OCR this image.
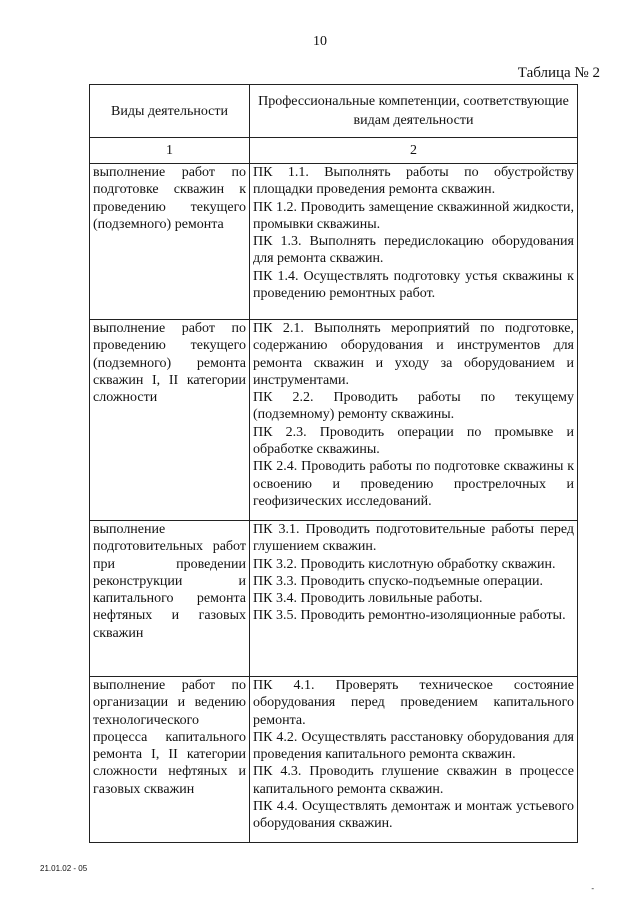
10
Таблица № 2
Виды деятельности	Профессиональные компетенции, соответствующие видам деятельности
1	2
выполнение работ по подготовке скважин к проведению текущего (подземного) ремонта	ПК 1.1. Выполнять работы по обустройству площадки проведения ремонта скважин.
ПК 1.2. Проводить замещение скважинной жидкости, промывки скважины.
ПК 1.3. Выполнять передислокацию оборудования для ремонта скважин.
ПК 1.4. Осуществлять подготовку устья скважины к проведению ремонтных работ.

выполнение работ по проведению текущего (подземного) ремонта скважин I, II категории сложности	ПК 2.1. Выполнять мероприятий по подготовке, содержанию оборудования и инструментов для ремонта скважин и уходу за оборудованием и инструментами.
ПК 2.2. Проводить работы по текущему (подземному) ремонту скважины.
ПК 2.3. Проводить операции по промывке и обработке скважины.
ПК 2.4. Проводить работы по подготовке скважины к освоению и проведению прострелочных и геофизических исследований.

выполнение подготовительных работ при проведении реконструкции и капитального ремонта нефтяных и газовых скважин	ПК 3.1. Проводить подготовительные работы перед глушением скважин.
ПК 3.2. Проводить кислотную обработку скважин.
ПК 3.3. Проводить спуско-подъемные операции.
ПК 3.4. Проводить ловильные работы.
ПК 3.5. Проводить ремонтно-изоляционные работы.

выполнение работ по организации и ведению технологического процесса капитального ремонта I, II категории сложности нефтяных и газовых скважин	ПК 4.1. Проверять техническое состояние оборудования перед проведением капитального ремонта.
ПК 4.2. Осуществлять расстановку оборудования для проведения капитального ремонта скважин.
ПК 4.3. Проводить глушение скважин в процессе капитального ремонта скважин.
ПК 4.4. Осуществлять демонтаж и монтаж устьевого оборудования скважин.
21.01.02 - 05
-
